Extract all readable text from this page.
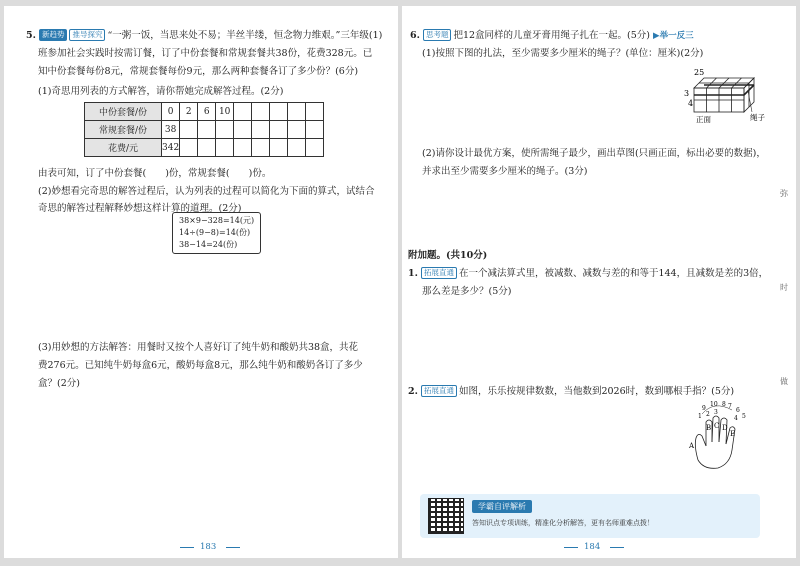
5. 新趋势 推导探究 “一粥一饭，当思来处不易；半丝半缕，恒念物力维艰。”三年级(1)
班参加社会实践时按需订餐，订了中份套餐和常规套餐共38份，花费328元。已
知中份套餐每份8元，常规套餐每份9元，那么两种套餐各订了多少份？(6分)
(1)奇思用列表的方式解答，请你帮她完成解答过程。(2分)
中份套餐/份	0	2	6	10					
常规套餐/份	38								
花费/元	342								
由表可知，订了中份套餐(　　)份，常规套餐(　　)份。
(2)妙想看完奇思的解答过程后，认为列表的过程可以简化为下面的算式，试结合
奇思的解答过程解释妙想这样计算的道理。(2分)
38×9−328=14(元)
14÷(9−8)=14(份)
38−14=24(份)
(3)用妙想的方法解答：用餐时又按个人喜好订了纯牛奶和酸奶共38盒，共花
费276元。已知纯牛奶每盒6元，酸奶每盒8元，那么纯牛奶和酸奶各订了多少
盒？(2分)
183
6. 思考题 把12盒同样的儿童牙膏用绳子扎在一起。(5分) ▶举一反三
(1)按照下图的扎法，至少需要多少厘米的绳子？(单位：厘米)(2分)
3
4
25
正面	绳子
(2)请你设计最优方案，使所需绳子最少，画出草图(只画正面，标出必要的数据)，
并求出至少需要多少厘米的绳子。(3分)
附加题。(共10分)
1. 拓展直通 在一个减法算式里，被减数、减数与差的和等于144，且减数是差的3倍，
那么差是多少？(5分)
2. 拓展直通 如图，乐乐按规律数数，当他数到2026时，数到哪根手指？(5分)
10 8 7
6
9
5
1 2 3
4
A
B C D
E
学霸自评解析
答知识点专项训练，精准化分析解答，更有名师重难点拨！
弥
时
做
184
